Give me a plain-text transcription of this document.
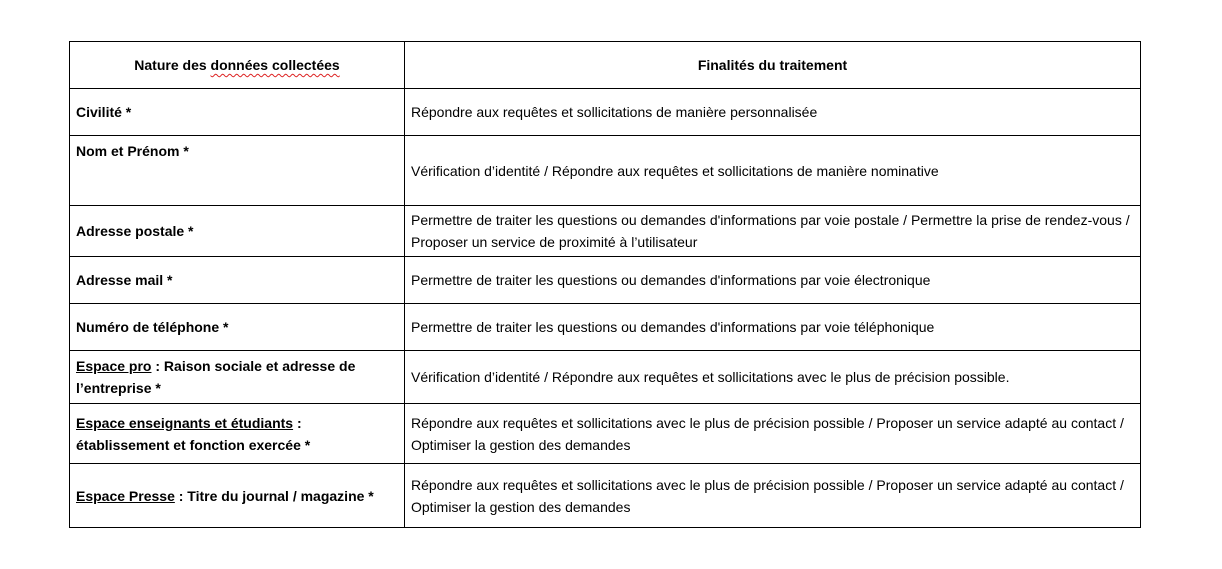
Nature des données collectées	Finalités du traitement
Civilité *	Répondre aux requêtes et sollicitations de manière personnalisée
Nom et Prénom *	Vérification d’identité / Répondre aux requêtes et sollicitations de manière nominative
Adresse postale *	Permettre de traiter les questions ou demandes d'informations par voie postale / Permettre la prise de rendez-vous / Proposer un service de proximité à l’utilisateur
Adresse mail *	Permettre de traiter les questions ou demandes d'informations par voie électronique
Numéro de téléphone *	Permettre de traiter les questions ou demandes d'informations par voie téléphonique
Espace pro : Raison sociale et adresse de l’entreprise *	Vérification d’identité / Répondre aux requêtes et sollicitations avec le plus de précision possible.
Espace enseignants et étudiants : établissement et fonction exercée *	Répondre aux requêtes et sollicitations avec le plus de précision possible / Proposer un service adapté au contact / Optimiser la gestion des demandes
Espace Presse : Titre du journal / magazine *	Répondre aux requêtes et sollicitations avec le plus de précision possible / Proposer un service adapté au contact / Optimiser la gestion des demandes
